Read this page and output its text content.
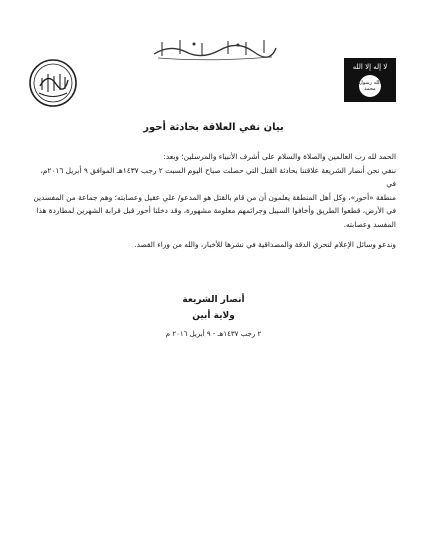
لا إله إلا الله
الله رسول محمد
بيان نفي العلاقة بحادثة أحور

الحمد لله رب العالمين والصلاة والسلام على أشرف الأنبياء والمرسلين؛ وبعد:

ننفي نحن أنصار الشريعة علاقتنا بحادثة القتل التي حصلت صباح اليوم السبت ٢ رجب ١٤٣٧هـ الموافق ٩ أبريل ٢٠١٦م، في

منطقة «أحور»، وكل أهل المنطقة يعلمون أن من قام بالقتل هو المدعو/ علي عقيل وعصابته؛ وهم جماعة من المفسدين

في الأرض، قطعوا الطريق وأخافوا السبيل وجرائمهم معلومة مشهورة، وقد دخلنا أحور قبل قرابة الشهرين لمطاردة هذا

المفسد وعصابته.

وندعو وسائل الإعلام لتحري الدقة والمصداقية في نشرها للأخبار، والله من وراء القصد.

أنصار الشريعة
ولاية أبين
٢ رجب ١٤٣٧هـ - ٩ أبريل ٢٠١٦ م
